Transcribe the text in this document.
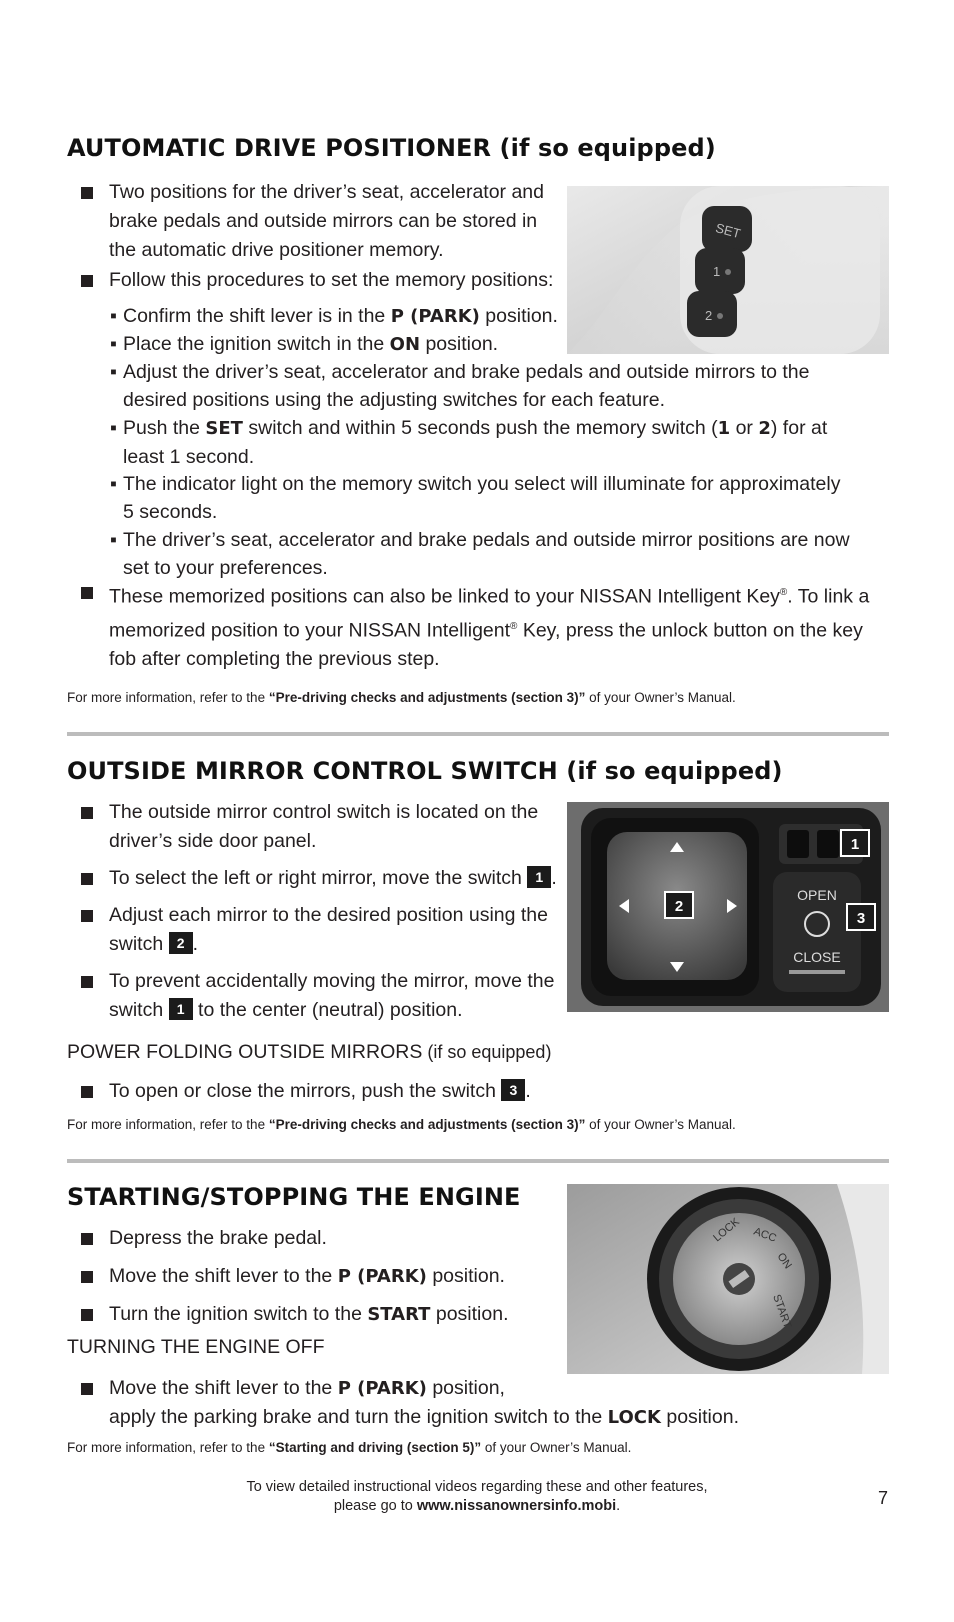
AUTOMATIC DRIVE POSITIONER (if so equipped)
Two positions for the driver’s seat, accelerator and brake pedals and outside mirrors can be stored in the automatic drive positioner memory.
Follow this procedures to set the memory positions:
▪ Confirm the shift lever is in the P (PARK) position.
▪ Place the ignition switch in the ON position.
▪ Adjust the driver’s seat, accelerator and brake pedals and outside mirrors to the desired positions using the adjusting switches for each feature.
▪ Push the SET switch and within 5 seconds push the memory switch (1 or 2) for at least 1 second.
▪ The indicator light on the memory switch you select will illuminate for approximately 5 seconds.
▪ The driver’s seat, accelerator and brake pedals and outside mirror positions are now set to your preferences.
These memorized positions can also be linked to your NISSAN Intelligent Key®. To link a memorized position to your NISSAN Intelligent® Key, press the unlock button on the key fob after completing the previous step.
For more information, refer to the “Pre-driving checks and adjustments (section 3)” of your Owner’s Manual.
SET
1
2
OUTSIDE MIRROR CONTROL SWITCH (if so equipped)
The outside mirror control switch is located on the driver’s side door panel.
To select the left or right mirror, move the switch 1 .
Adjust each mirror to the desired position using the switch 2 .
To prevent accidentally moving the mirror, move the switch 1 to the center (neutral) position.
POWER FOLDING OUTSIDE MIRRORS (if so equipped)
To open or close the mirrors, push the switch 3 .
For more information, refer to the “Pre-driving checks and adjustments (section 3)” of your Owner’s Manual.
OPEN
CLOSE
1
2
3
STARTING/STOPPING THE ENGINE
Depress the brake pedal.
Move the shift lever to the P (PARK) position.
Turn the ignition switch to the START position.
TURNING THE ENGINE OFF
Move the shift lever to the P (PARK) position,
apply the parking brake and turn the ignition switch to the LOCK position.
For more information, refer to the “Starting and driving (section 5)” of your Owner’s Manual.
LOCK ACC
ON
START
To view detailed instructional videos regarding these and other features,
please go to www.nissanownersinfo.mobi.	7
